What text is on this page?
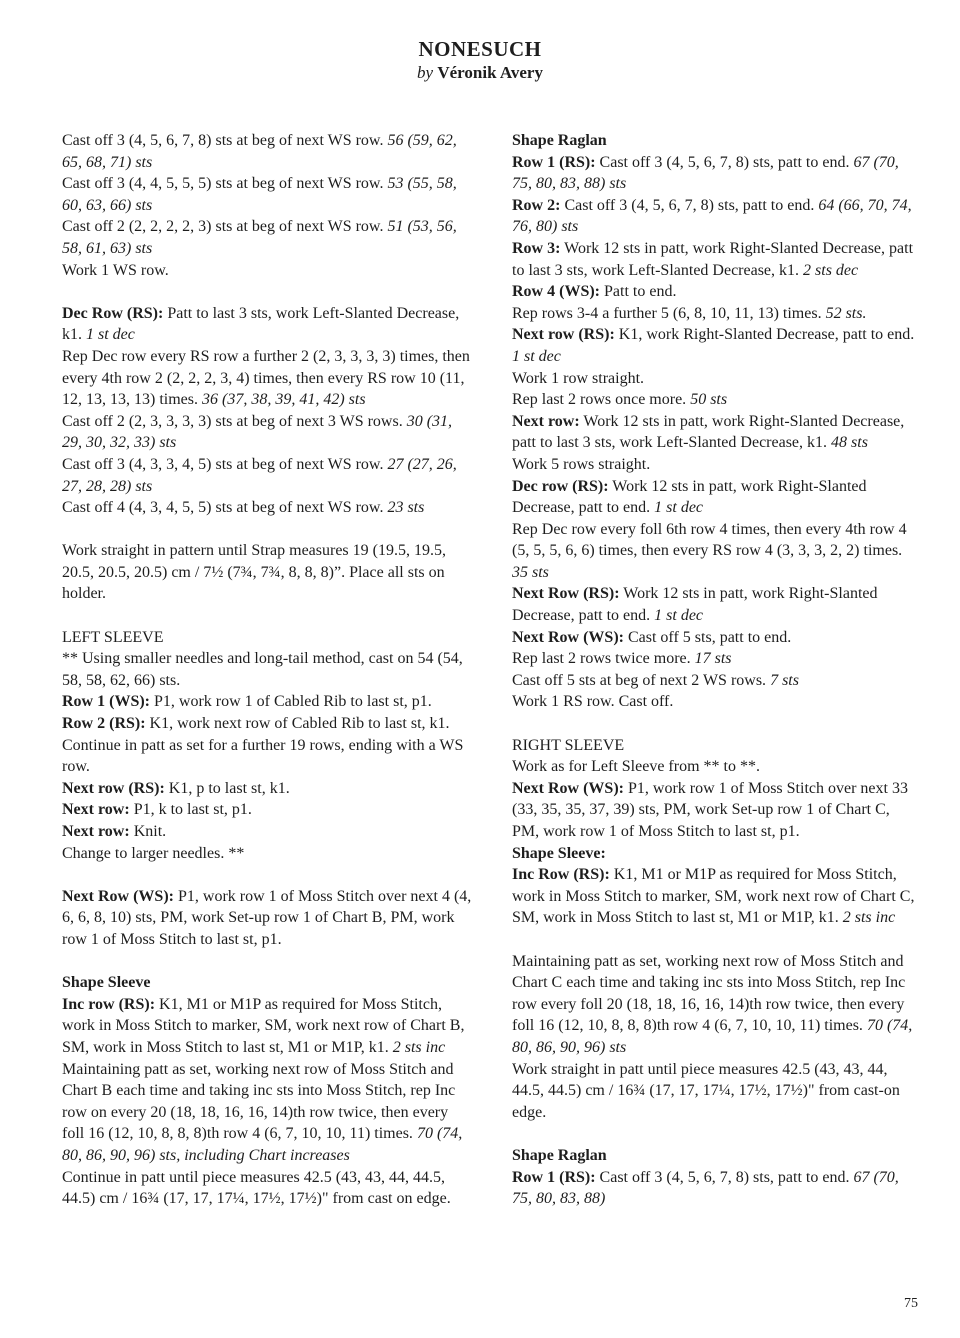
NONESUCH
by Véronik Avery
Cast off 3 (4, 5, 6, 7, 8) sts at beg of next WS row. 56 (59, 62, 65, 68, 71) sts
Cast off 3 (4, 4, 5, 5, 5) sts at beg of next WS row. 53 (55, 58, 60, 63, 66) sts
Cast off 2 (2, 2, 2, 2, 3) sts at beg of next WS row. 51 (53, 56, 58, 61, 63) sts
Work 1 WS row.
Dec Row (RS): Patt to last 3 sts, work Left-Slanted Decrease, k1. 1 st dec
Rep Dec row every RS row a further 2 (2, 3, 3, 3, 3) times, then every 4th row 2 (2, 2, 2, 3, 4) times, then every RS row 10 (11, 12, 13, 13, 13) times. 36 (37, 38, 39, 41, 42) sts
Cast off 2 (2, 3, 3, 3, 3) sts at beg of next 3 WS rows. 30 (31, 29, 30, 32, 33) sts
Cast off 3 (4, 3, 3, 4, 5) sts at beg of next WS row. 27 (27, 26, 27, 28, 28) sts
Cast off 4 (4, 3, 4, 5, 5) sts at beg of next WS row. 23 sts
Work straight in pattern until Strap measures 19 (19.5, 19.5, 20.5, 20.5, 20.5) cm / 7½ (7¾, 7¾, 8, 8, 8)”. Place all sts on holder.
LEFT SLEEVE
** Using smaller needles and long-tail method, cast on 54 (54, 58, 58, 62, 66) sts.
Row 1 (WS): P1, work row 1 of Cabled Rib to last st, p1.
Row 2 (RS): K1, work next row of Cabled Rib to last st, k1.
Continue in patt as set for a further 19 rows, ending with a WS row.
Next row (RS): K1, p to last st, k1.
Next row: P1, k to last st, p1.
Next row: Knit.
Change to larger needles. **
Next Row (WS): P1, work row 1 of Moss Stitch over next 4 (4, 6, 6, 8, 10) sts, PM, work Set-up row 1 of Chart B, PM, work row 1 of Moss Stitch to last st, p1.
Shape Sleeve
Inc row (RS): K1, M1 or M1P as required for Moss Stitch, work in Moss Stitch to marker, SM, work next row of Chart B, SM, work in Moss Stitch to last st, M1 or M1P, k1. 2 sts inc
Maintaining patt as set, working next row of Moss Stitch and Chart B each time and taking inc sts into Moss Stitch, rep Inc row on every 20 (18, 18, 16, 16, 14)th row twice, then every foll 16 (12, 10, 8, 8, 8)th row 4 (6, 7, 10, 10, 11) times. 70 (74, 80, 86, 90, 96) sts, including Chart increases
Continue in patt until piece measures 42.5 (43, 43, 44, 44.5, 44.5) cm / 16¾ (17, 17, 17¼, 17½, 17½)" from cast on edge.
Shape Raglan
Row 1 (RS): Cast off 3 (4, 5, 6, 7, 8) sts, patt to end. 67 (70, 75, 80, 83, 88) sts
Row 2: Cast off 3 (4, 5, 6, 7, 8) sts, patt to end. 64 (66, 70, 74, 76, 80) sts
Row 3: Work 12 sts in patt, work Right-Slanted Decrease, patt to last 3 sts, work Left-Slanted Decrease, k1. 2 sts dec
Row 4 (WS): Patt to end.
Rep rows 3-4 a further 5 (6, 8, 10, 11, 13) times. 52 sts.
Next row (RS): K1, work Right-Slanted Decrease, patt to end. 1 st dec
Work 1 row straight.
Rep last 2 rows once more. 50 sts
Next row: Work 12 sts in patt, work Right-Slanted Decrease, patt to last 3 sts, work Left-Slanted Decrease, k1. 48 sts
Work 5 rows straight.
Dec row (RS): Work 12 sts in patt, work Right-Slanted Decrease, patt to end. 1 st dec
Rep Dec row every foll 6th row 4 times, then every 4th row 4 (5, 5, 5, 6, 6) times, then every RS row 4 (3, 3, 3, 2, 2) times. 35 sts
Next Row (RS): Work 12 sts in patt, work Right-Slanted Decrease, patt to end. 1 st dec
Next Row (WS): Cast off 5 sts, patt to end.
Rep last 2 rows twice more. 17 sts
Cast off 5 sts at beg of next 2 WS rows. 7 sts
Work 1 RS row. Cast off.
RIGHT SLEEVE
Work as for Left Sleeve from ** to **.
Next Row (WS): P1, work row 1 of Moss Stitch over next 33 (33, 35, 35, 37, 39) sts, PM, work Set-up row 1 of Chart C, PM, work row 1 of Moss Stitch to last st, p1.
Shape Sleeve:
Inc Row (RS): K1, M1 or M1P as required for Moss Stitch, work in Moss Stitch to marker, SM, work next row of Chart C, SM, work in Moss Stitch to last st, M1 or M1P, k1. 2 sts inc
Maintaining patt as set, working next row of Moss Stitch and Chart C each time and taking inc sts into Moss Stitch, rep Inc row every foll 20 (18, 18, 16, 16, 14)th row twice, then every foll 16 (12, 10, 8, 8, 8)th row 4 (6, 7, 10, 10, 11) times. 70 (74, 80, 86, 90, 96) sts
Work straight in patt until piece measures 42.5 (43, 43, 44, 44.5, 44.5) cm / 16¾ (17, 17, 17¼, 17½, 17½)" from cast-on edge.
Shape Raglan
Row 1 (RS): Cast off 3 (4, 5, 6, 7, 8) sts, patt to end. 67 (70, 75, 80, 83, 88)
75
